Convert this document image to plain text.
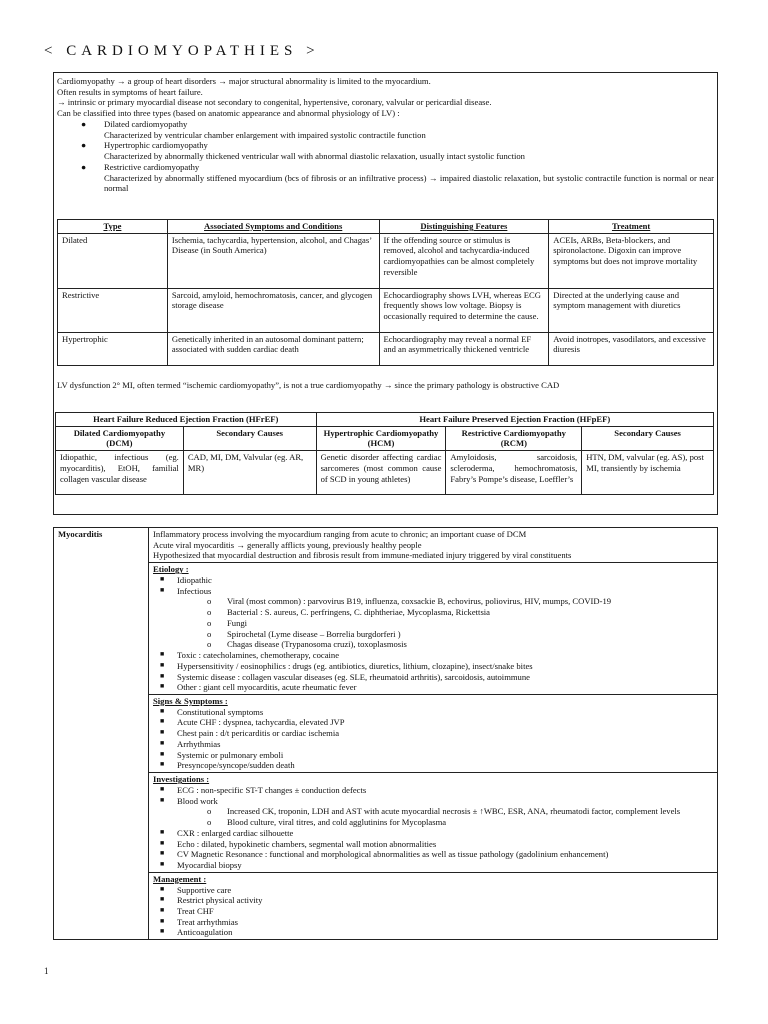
< CARDIOMYOPATHIES >

Cardiomyopathy → a group of heart disorders → major structural abnormality is limited to the myocardium.

Often results in symptoms of heart failure.

→ intrinsic or primary myocardial disease not secondary to congenital, hypertensive, coronary, valvular or pericardial disease.

Can be classified into three types (based on anatomic appearance and abnormal physiology of LV) :

● Dilated cardiomyopathy
Characterized by ventricular chamber enlargement with impaired systolic contractile function
● Hypertrophic cardiomyopathy
Characterized by abnormally thickened ventricular wall with abnormal diastolic relaxation, usually intact systolic function
● Restrictive cardiomyopathy
Characterized by abnormally stiffened myocardium (bcs of fibrosis or an infiltrative process) → impaired diastolic relaxation, but systolic contractile function is normal or near normal
Type	Associated Symptoms and Conditions	Distinguishing Features	Treatment
Dilated	Ischemia, tachycardia, hypertension, alcohol, and Chagas’ Disease (in South America)	If the offending source or stimulus is removed, alcohol and tachycardia-induced cardiomyopathies can be almost completely reversible	ACEIs, ARBs, Beta-blockers, and spironolactone. Digoxin can improve symptoms but does not improve mortality
Restrictive	Sarcoid, amyloid, hemochromatosis, cancer, and glycogen storage disease	Echocardiography shows LVH, whereas ECG frequently shows low voltage. Biopsy is occasionally required to determine the cause.	Directed at the underlying cause and symptom management with diuretics
Hypertrophic	Genetically inherited in an autosomal dominant pattern; associated with sudden cardiac death	Echocardiography may reveal a normal EF and an asymmetrically thickened ventricle	Avoid inotropes, vasodilators, and excessive diuresis
LV dysfunction 2° MI, often termed “ischemic cardiomyopathy”, is not a true cardiomyopathy → since the primary pathology is obstructive CAD
Heart Failure Reduced Ejection Fraction (HFrEF)		Heart Failure Preserved Ejection Fraction (HFpEF)		
Dilated Cardiomyopathy (DCM)	Secondary Causes	Hypertrophic Cardiomyopathy (HCM)	Restrictive Cardiomyopathy (RCM)	Secondary Causes
Idiopathic, infectious (eg. myocarditis), EtOH, familial collagen vascular disease	CAD, MI, DM, Valvular (eg. AR, MR)	Genetic disorder affecting cardiac sarcomeres (most common cause of SCD in young athletes)	Amyloidosis, sarcoidosis, scleroderma, hemochromatosis, Fabry’s Pompe’s disease, Loeffler’s	HTN, DM, valvular (eg. AS), post MI, transiently by ischemia
Myocarditis	Inflammatory process involving the myocardium ranging from acute to chronic; an important cuase of DCM
Acute viral myocarditis → generally afflicts young, previously healthy people
Hypothesized that myocardial destruction and fibrosis result from immune-mediated injury triggered by viral constituents

Etiology :
■ Idiopathic
■ Infectious
o Viral (most common) : parvovirus B19, influenza, coxsackie B, echovirus, poliovirus, HIV, mumps, COVID-19
o Bacterial : S. aureus, C. perfringens, C. diphtheriae, Mycoplasma, Rickettsia
o Fungi
o Spirochetal (Lyme disease – Borrelia burgdorferi )
o Chagas disease (Trypanosoma cruzi), toxoplasmosis
■ Toxic : catecholamines, chemotherapy, cocaine
■ Hypersensitivity / eosinophilics : drugs (eg. antibiotics, diuretics, lithium, clozapine), insect/snake bites
■ Systemic disease : collagen vascular diseases (eg. SLE, rheumatoid arthritis), sarcoidosis, autoimmune
■ Other : giant cell myocarditis, acute rheumatic fever

Signs & Symptoms :
■ Constitutional symptoms
■ Acute CHF : dyspnea, tachycardia, elevated JVP
■ Chest pain : d/t pericarditis or cardiac ischemia
■ Arrhythmias
■ Systemic or pulmonary emboli
■ Presyncope/syncope/sudden death

Investigations :
■ ECG : non-specific ST-T changes ± conduction defects
■ Blood work
o Increased CK, troponin, LDH and AST with acute myocardial necrosis ± ↑WBC, ESR, ANA, rheumatodi factor, complement levels
o Blood culture, viral titres, and cold agglutinins for Mycoplasma
■ CXR : enlarged cardiac silhouette
■ Echo : dilated, hypokinetic chambers, segmental wall motion abnormalities
■ CV Magnetic Resonance : functional and morphological abnormalities as well as tissue pathology (gadolinium enhancement)
■ Myocardial biopsy

Management :
■ Supportive care
■ Restrict physical activity
■ Treat CHF
■ Treat arrhythmias
■ Anticoagulation
1
